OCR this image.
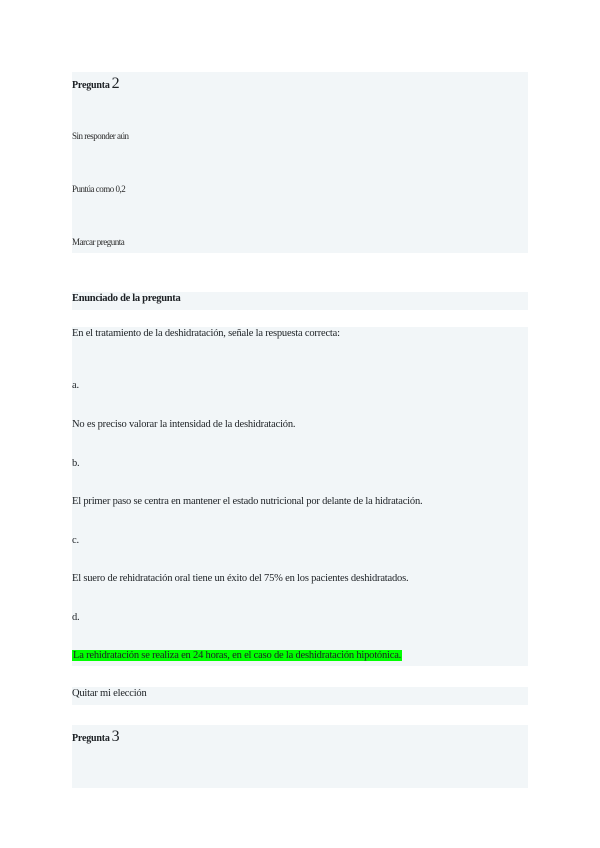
Pregunta 2
Sin responder aún
Puntúa como 0,2
Marcar pregunta
Enunciado de la pregunta
En el tratamiento de la deshidratación, señale la respuesta correcta:
a.
No es preciso valorar la intensidad de la deshidratación.
b.
El primer paso se centra en mantener el estado nutricional por delante de la hidratación.
c.
El suero de rehidratación oral tiene un éxito del 75% en los pacientes deshidratados.
d.
La rehidratación se realiza en 24 horas, en el caso de la deshidratación hipotónica.
Quitar mi elección
Pregunta 3
